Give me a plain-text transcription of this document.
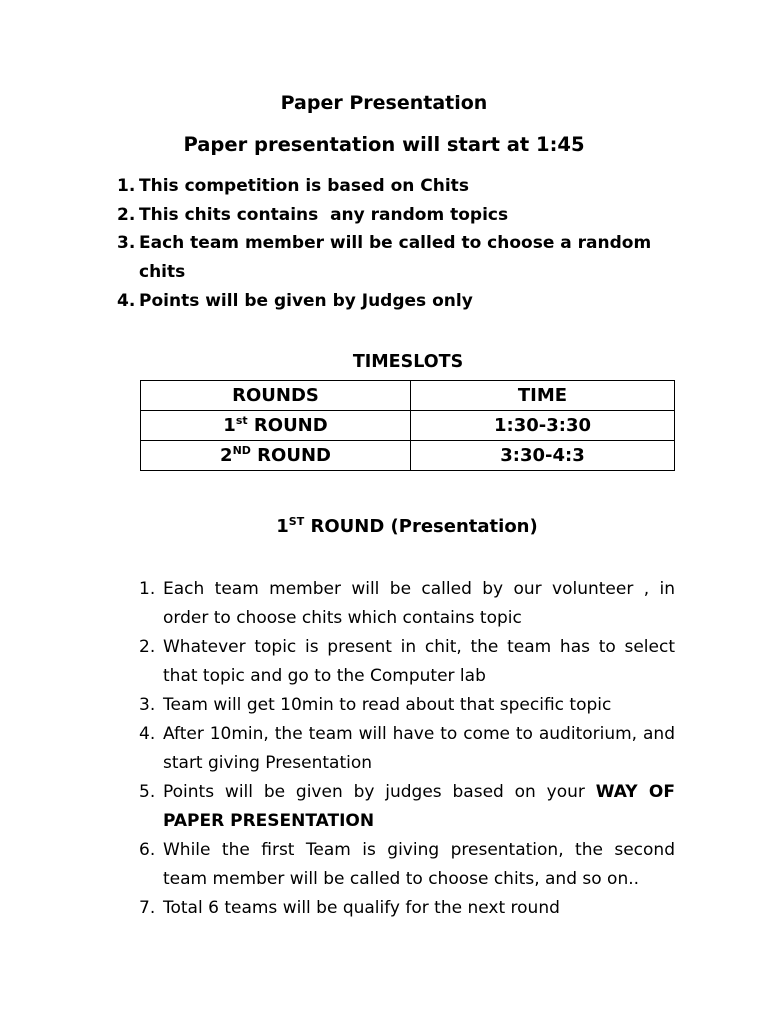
Paper Presentation
Paper presentation will start at 1:45
1. This competition is based on Chits
2. This chits contains  any random topics
3. Each team member will be called to choose a random chits
4. Points will be given by Judges only
TIMESLOTS
ROUNDS	TIME
1st ROUND	1:30-3:30
2ND ROUND	3:30-4:3
1ST ROUND (Presentation)
1. Each team member will be called by our volunteer , in order to choose chits which contains topic
2. Whatever topic is present in chit, the team has to select that topic and go to the Computer lab
3. Team will get 10min to read about that specific topic
4. After 10min, the team will have to come to auditorium, and start giving Presentation
5. Points will be given by judges based on your WAY OF PAPER PRESENTATION
6. While the first Team is giving presentation, the second team member will be called to choose chits, and so on..
7. Total 6 teams will be qualify for the next round
